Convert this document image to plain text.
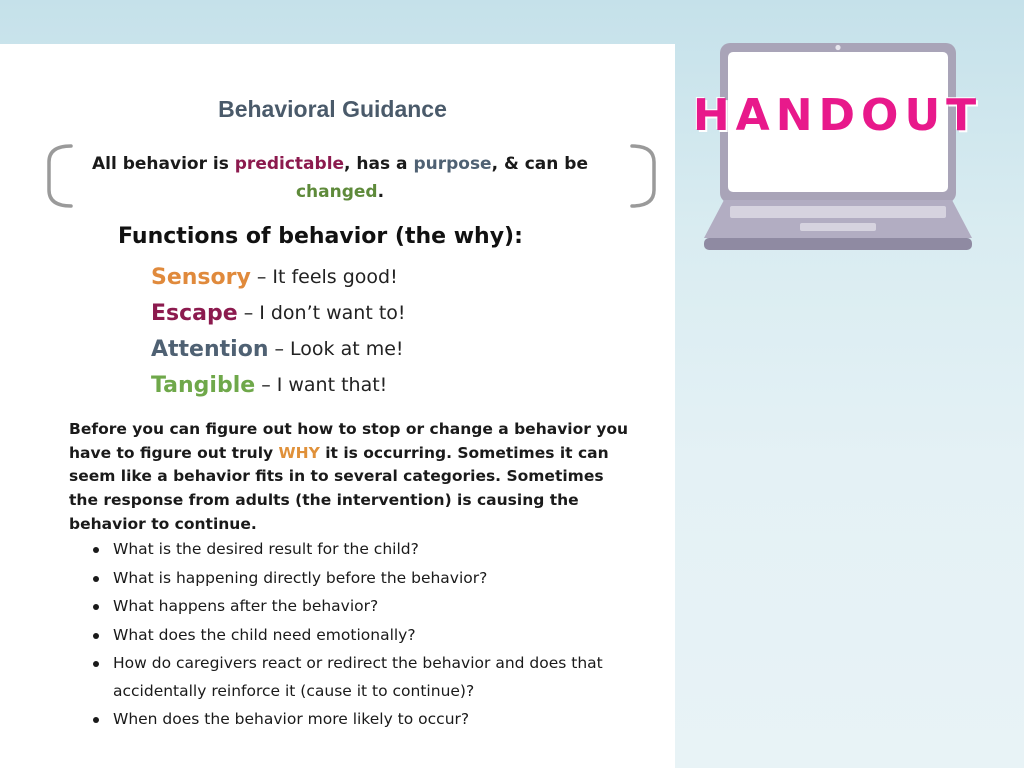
Behavioral Guidance

All behavior is predictable, has a purpose, & can be
changed.

Functions of behavior (the why):
Sensory – It feels good!
Escape – I don’t want to!
Attention – Look at me!
Tangible – I want that!

Before you can figure out how to stop or change a behavior you have to figure out truly WHY it is occurring. Sometimes it can seem like a behavior fits in to several categories. Sometimes the response from adults (the intervention) is causing the behavior to continue.

What is the desired result for the child?
What is happening directly before the behavior?
What happens after the behavior?
What does the child need emotionally?
How do caregivers react or redirect the behavior and does that accidentally reinforce it (cause it to continue)?
When does the behavior more likely to occur?
HANDOUT
